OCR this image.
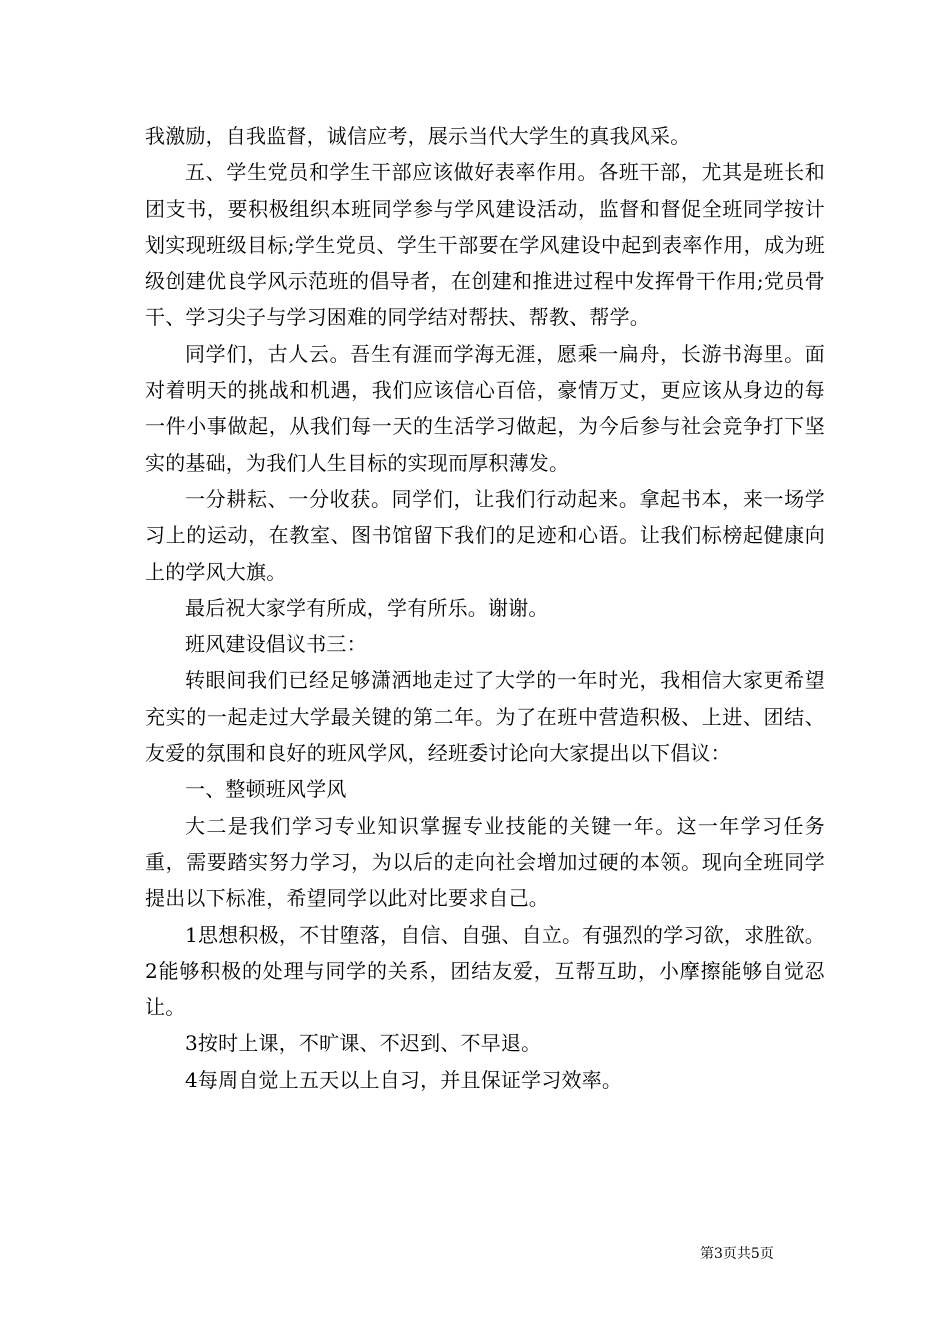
我激励，自我监督，诚信应考，展示当代大学生的真我风采。

五、学生党员和学生干部应该做好表率作用。各班干部，尤其是班长和团支书，要积极组织本班同学参与学风建设活动，监督和督促全班同学按计划实现班级目标;学生党员、学生干部要在学风建设中起到表率作用，成为班级创建优良学风示范班的倡导者，在创建和推进过程中发挥骨干作用;党员骨干、学习尖子与学习困难的同学结对帮扶、帮教、帮学。

同学们，古人云。吾生有涯而学海无涯，愿乘一扁舟，长游书海里。面对着明天的挑战和机遇，我们应该信心百倍，豪情万丈，更应该从身边的每一件小事做起，从我们每一天的生活学习做起，为今后参与社会竞争打下坚实的基础，为我们人生目标的实现而厚积薄发。

一分耕耘、一分收获。同学们，让我们行动起来。拿起书本，来一场学习上的运动，在教室、图书馆留下我们的足迹和心语。让我们标榜起健康向上的学风大旗。

最后祝大家学有所成，学有所乐。谢谢。

班风建设倡议书三：

转眼间我们已经足够潇洒地走过了大学的一年时光，我相信大家更希望充实的一起走过大学最关键的第二年。为了在班中营造积极、上进、团结、友爱的氛围和良好的班风学风，经班委讨论向大家提出以下倡议：

一、整顿班风学风

大二是我们学习专业知识掌握专业技能的关键一年。这一年学习任务重，需要踏实努力学习，为以后的走向社会增加过硬的本领。现向全班同学提出以下标准，希望同学以此对比要求自己。

1思想积极，不甘堕落，自信、自强、自立。有强烈的学习欲，求胜欲。2能够积极的处理与同学的关系，团结友爱，互帮互助，小摩擦能够自觉忍让。

3按时上课，不旷课、不迟到、不早退。

4每周自觉上五天以上自习，并且保证学习效率。

第3页共5页
